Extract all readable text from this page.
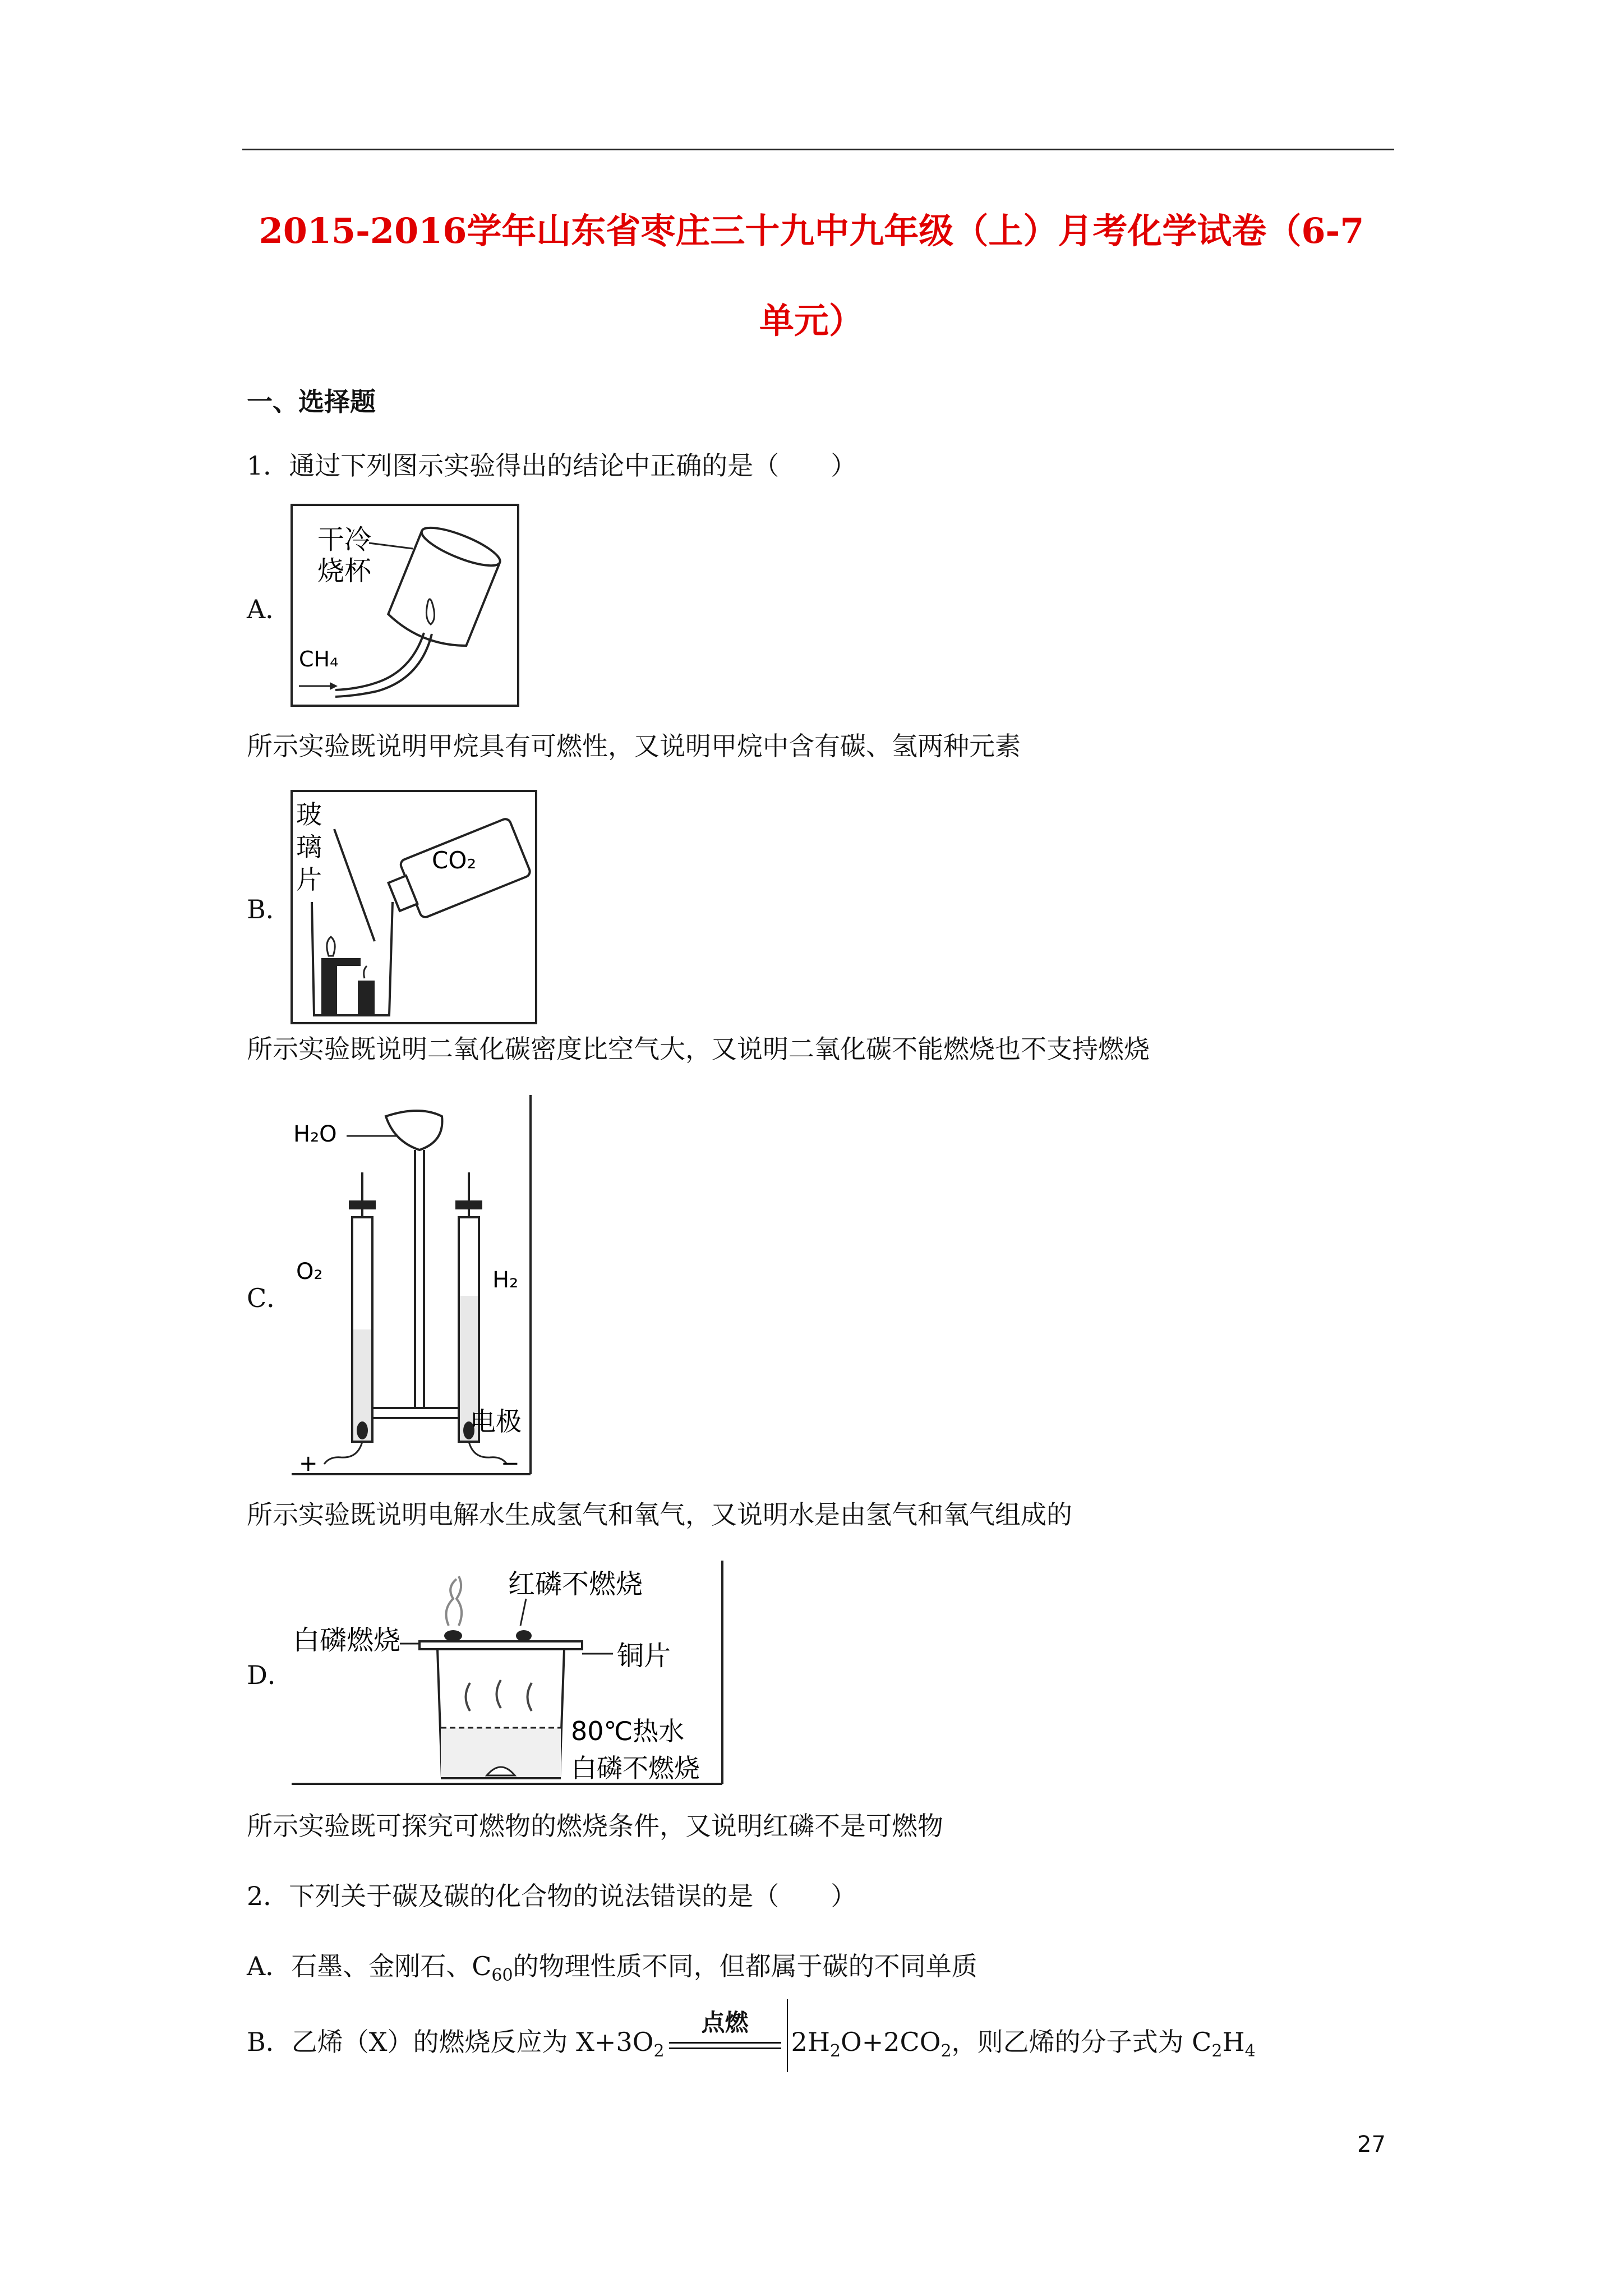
2015-2016学年山东省枣庄三十九中九年级（上）月考化学试卷（6-7
单元）
一、选择题
1．通过下列图示实验得出的结论中正确的是（　　）
A．
干冷
烧杯
CH₄
所示实验既说明甲烷具有可燃性，又说明甲烷中含有碳、氢两种元素
B．
玻
璃
片
CO₂
所示实验既说明二氧化碳密度比空气大，又说明二氧化碳不能燃烧也不支持燃烧
C．
H₂O
O₂	H₂
电极
+	−
所示实验既说明电解水生成氢气和氧气，又说明水是由氢气和氧气组成的
D．
红磷不燃烧
白磷燃烧	铜片
80℃热水
白磷不燃烧
所示实验既可探究可燃物的燃烧条件，又说明红磷不是可燃物
2．下列关于碳及碳的化合物的说法错误的是（　　）
A．石墨、金刚石、$C_{60}$的物理性质不同，但都属于碳的不同单质
B．乙烯（X）的燃烧反应为 $X+3O_2$
点燃
$2H_2O+2CO_2$，则乙烯的分子式为 $C_2H_4$
27
